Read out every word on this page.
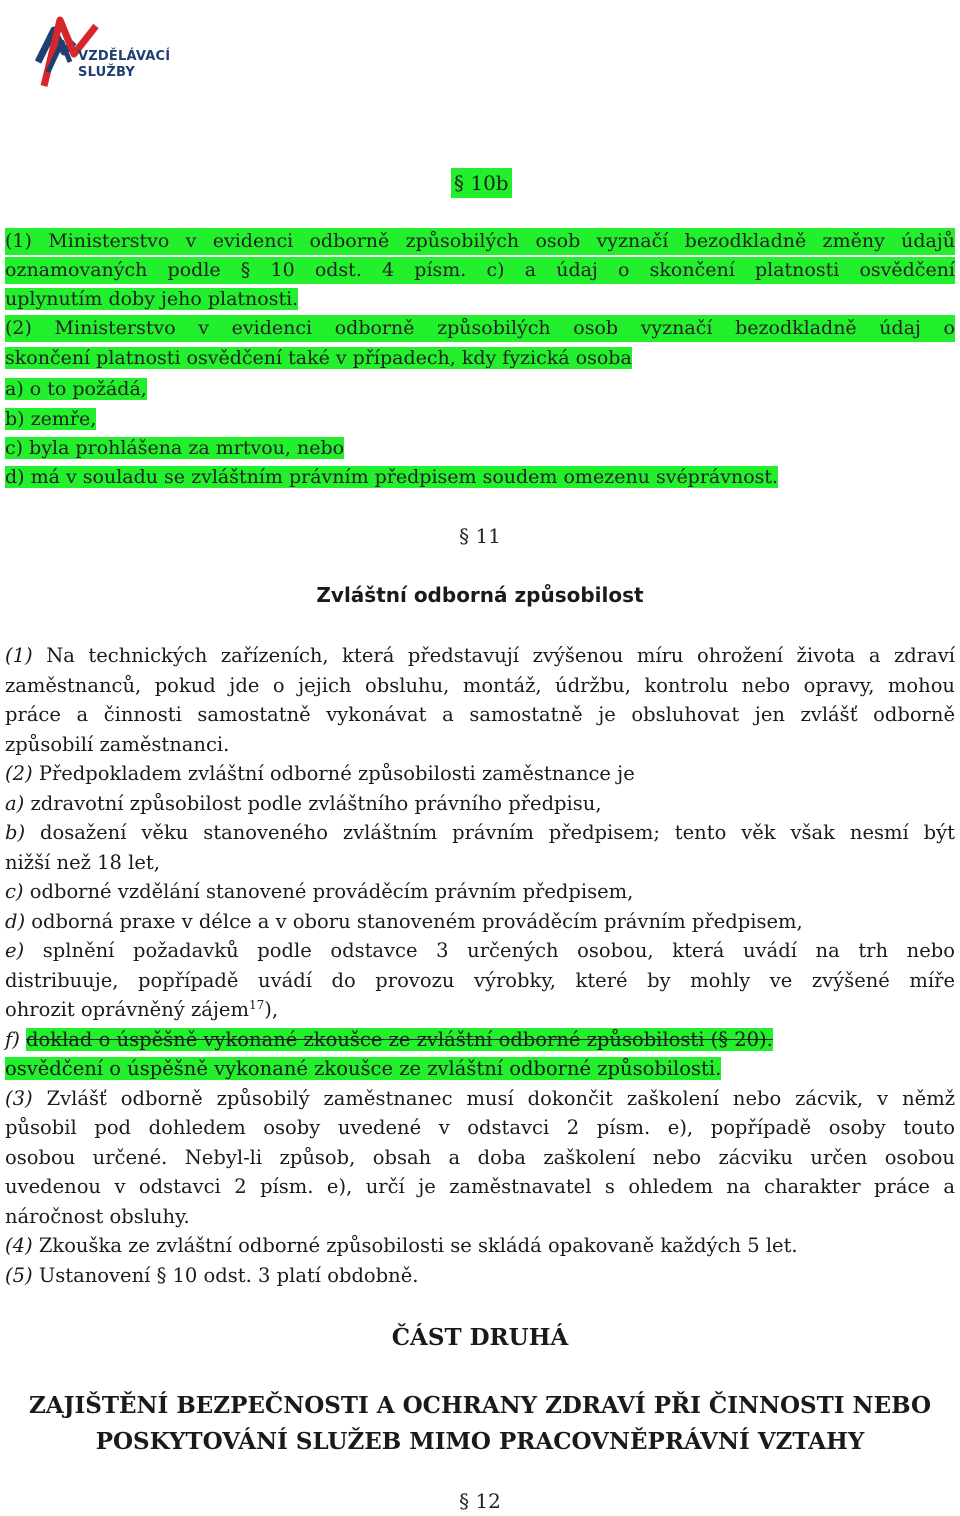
VZDĚLÁVACÍ
SLUŽBY
§ 10b
(1) Ministerstvo v evidenci odborně způsobilých osob vyznačí bezodkladně změny údajů
oznamovaných podle § 10 odst. 4 písm. c) a údaj o skončení platnosti osvědčení
uplynutím doby jeho platnosti.
(2) Ministerstvo v evidenci odborně způsobilých osob vyznačí bezodkladně údaj o
skončení platnosti osvědčení také v případech, kdy fyzická osoba
a) o to požádá,
b) zemře,
c) byla prohlášena za mrtvou, nebo
d) má v souladu se zvláštním právním předpisem soudem omezenu svéprávnost.
§ 11
Zvláštní odborná způsobilost
(1) Na technických zařízeních, která představují zvýšenou míru ohrožení života a zdraví
zaměstnanců, pokud jde o jejich obsluhu, montáž, údržbu, kontrolu nebo opravy, mohou
práce a činnosti samostatně vykonávat a samostatně je obsluhovat jen zvlášť odborně
způsobilí zaměstnanci.
(2) Předpokladem zvláštní odborné způsobilosti zaměstnance je
a) zdravotní způsobilost podle zvláštního právního předpisu,
b) dosažení věku stanoveného zvláštním právním předpisem; tento věk však nesmí být
nižší než 18 let,
c) odborné vzdělání stanovené prováděcím právním předpisem,
d) odborná praxe v délce a v oboru stanoveném prováděcím právním předpisem,
e) splnění požadavků podle odstavce 3 určených osobou, která uvádí na trh nebo
distribuuje, popřípadě uvádí do provozu výrobky, které by mohly ve zvýšené míře
ohrozit oprávněný zájem$^{17}$),
f) doklad o úspěšně vykonané zkoušce ze zvláštní odborné způsobilosti (§ 20).
osvědčení o úspěšně vykonané zkoušce ze zvláštní odborné způsobilosti.
(3) Zvlášť odborně způsobilý zaměstnanec musí dokončit zaškolení nebo zácvik, v němž
působil pod dohledem osoby uvedené v odstavci 2 písm. e), popřípadě osoby touto
osobou určené. Nebyl-li způsob, obsah a doba zaškolení nebo zácviku určen osobou
uvedenou v odstavci 2 písm. e), určí je zaměstnavatel s ohledem na charakter práce a
náročnost obsluhy.
(4) Zkouška ze zvláštní odborné způsobilosti se skládá opakovaně každých 5 let.
(5) Ustanovení § 10 odst. 3 platí obdobně.
ČÁST DRUHÁ
ZAJIŠTĚNÍ BEZPEČNOSTI A OCHRANY ZDRAVÍ PŘI ČINNOSTI NEBO
POSKYTOVÁNÍ SLUŽEB MIMO PRACOVNĚPRÁVNÍ VZTAHY
§ 12
